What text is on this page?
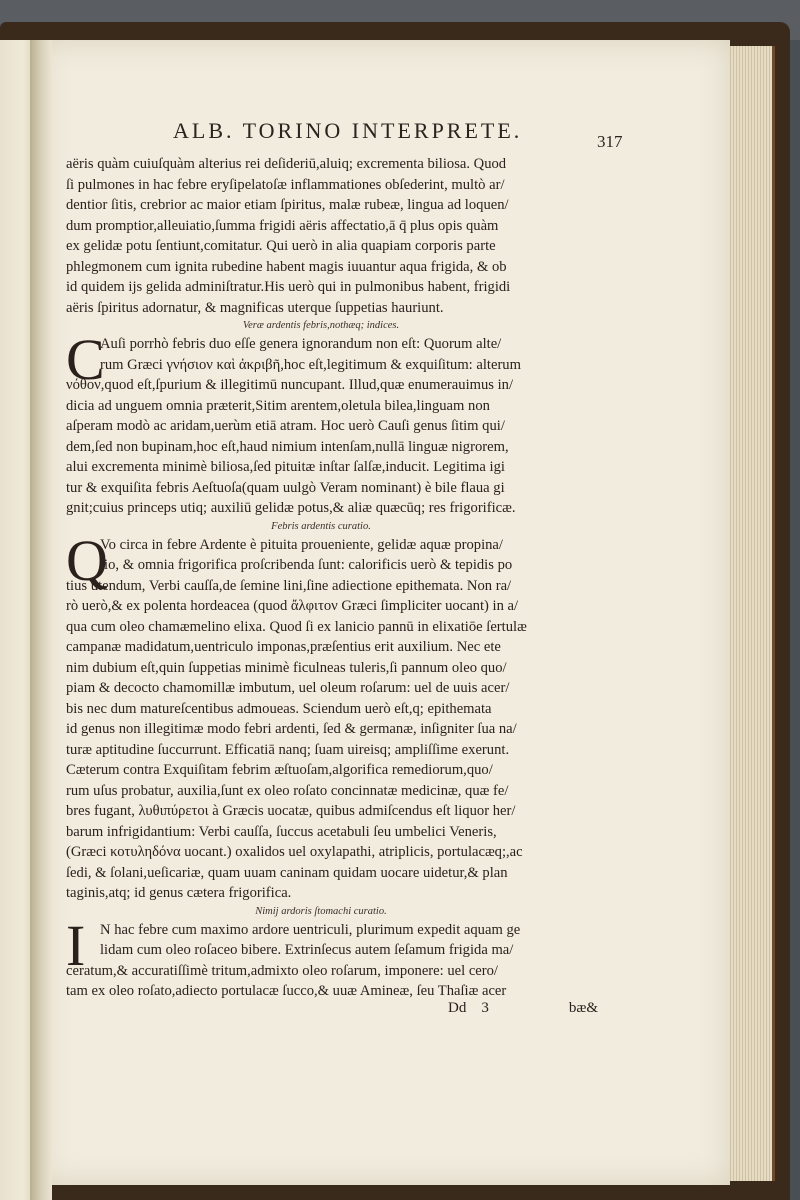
ALB. TORINO INTERPRETE.	317
aëris quàm cuiuſquàm alterius rei deſideriū,aluiq; excrementa biliosa. Quod
ſi pulmones in hac febre eryſipelatoſæ inflammationes obſederint, multò ar/
dentior ſitis, crebrior ac maior etiam ſpiritus, malæ rubeæ, lingua ad loquen/
dum promptior,alleuiatio,ſumma frigidi aëris affectatio,ā q̄ plus opis quàm
ex gelidæ potu ſentiunt,comitatur. Qui uerò in alia quapiam corporis parte
phlegmonem cum ignita rubedine habent magis iuuantur aqua frigida, & ob
id quidem ijs gelida adminiſtratur.His uerò qui in pulmonibus habent, frigidi
aëris ſpiritus adornatur, & magnificas uterque ſuppetias hauriunt.
Veræ ardentis febris,nothæq; indices.
C
Auſi porrhò febris duo eſſe genera ignorandum non eſt: Quorum alte/
rum Græci γνήσιον καὶ ἀκριβῆ,hoc eſt,legitimum & exquiſitum: alterum
νόθον,quod eſt,ſpurium & illegitimū nuncupant. Illud,quæ enumerauimus in/
dicia ad unguem omnia præterit,Sitim arentem,oletula bilea,linguam non
aſperam modò ac aridam,uerùm etiā atram. Hoc uerò Cauſi genus ſitim qui/
dem,ſed non bupinam,hoc eſt,haud nimium intenſam,nullā linguæ nigrorem,
alui excrementa minimè biliosa,ſed pituitæ inſtar ſalſæ,inducit. Legitima igi
tur & exquiſita febris Aeſtuoſa(quam uulgò Veram nominant) è bile flaua gi
gnit;cuius princeps utiq; auxiliū gelidæ potus,& aliæ quæcūq; res frigorificæ.
Febris ardentis curatio.
Q
Vo circa in febre Ardente è pituita proueniente, gelidæ aquæ propina/
tio, & omnia frigorifica proſcribenda ſunt: calorificis uerò & tepidis po
tius utendum, Verbi cauſſa,de ſemine lini,ſine adiectione epithemata. Non ra/
rò uerò,& ex polenta hordeacea (quod ἄλφιτον Græci ſimpliciter uocant) in a/
qua cum oleo chamæmelino elixa. Quod ſi ex lanicio pannū in elixatiōe ſertulæ
campanæ madidatum,uentriculo imponas,præſentius erit auxilium. Nec ete
nim dubium eſt,quin ſuppetias minimè ficulneas tuleris,ſi pannum oleo quo/
piam & decocto chamomillæ imbutum, uel oleum roſarum: uel de uuis acer/
bis nec dum matureſcentibus admoueas. Sciendum uerò eſt,q; epithemata
id genus non illegitimæ modo febri ardenti, ſed & germanæ, inſigniter ſua na/
turæ aptitudine ſuccurrunt. Efficatiā nanq; ſuam uireisq; ampliſſime exerunt.
Cæterum contra Exquiſitam febrim æſtuoſam,algorifica remediorum,quo/
rum uſus probatur, auxilia,ſunt ex oleo roſato concinnatæ medicinæ, quæ fe/
bres fugant, λυθιπύρετοι à Græcis uocatæ, quibus admiſcendus eſt liquor her/
barum infrigidantium: Verbi cauſſa, ſuccus acetabuli ſeu umbelici Veneris,
(Græci κοτυληδόνα uocant.) oxalidos uel oxylapathi, atriplicis, portulacæq;,ac
ſedi, & ſolani,ueſicariæ, quam uuam caninam quidam uocare uidetur,& plan
taginis,atq; id genus cætera frigorifica.
Nimij ardoris ſtomachi curatio.
I	N hac febre cum maximo ardore uentriculi, plurimum expedit aquam ge
lidam cum oleo roſaceo bibere. Extrinſecus autem ſeſamum frigida ma/
ceratum,& accuratiſſimè tritum,admixto oleo roſarum, imponere: uel cero/
tam ex oleo roſato,adiecto portulacæ ſucco,& uuæ Amineæ, ſeu Thaſiæ acer
Dd 3	bæ&
